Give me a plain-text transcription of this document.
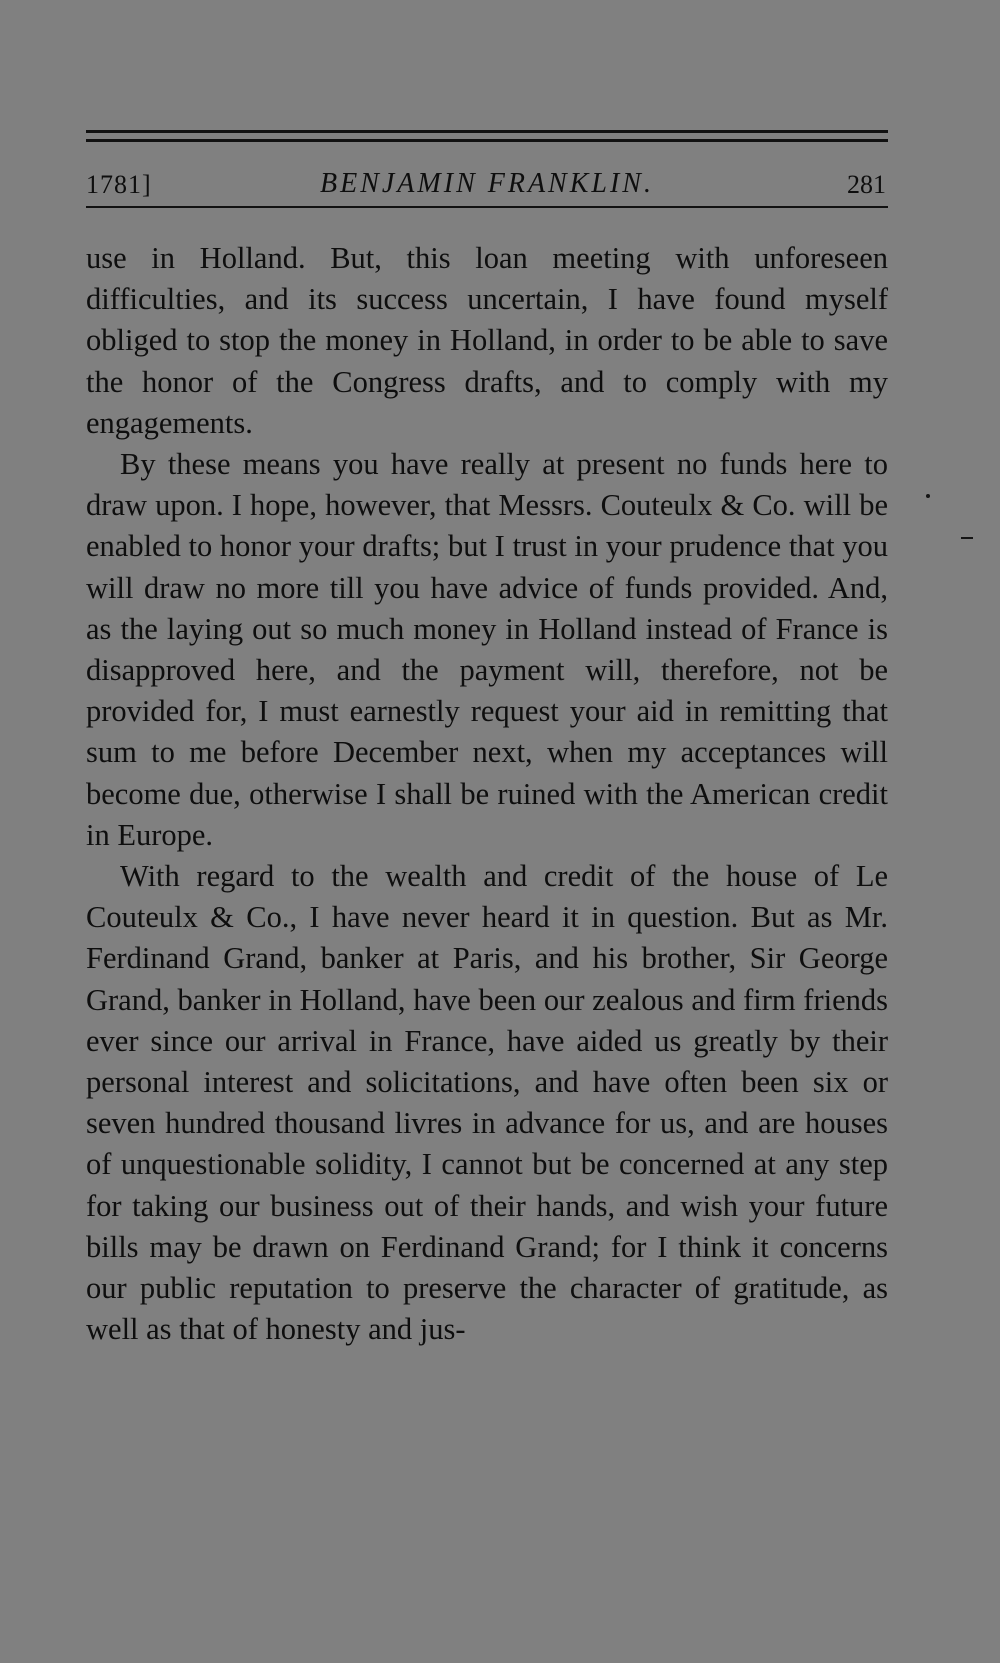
1781]	BENJAMIN FRANKLIN.	281

use in Holland. But, this loan meeting with unforeseen difficulties, and its success uncertain, I have found myself obliged to stop the money in Holland, in order to be able to save the honor of the Congress drafts, and to comply with my engagements.

By these means you have really at present no funds here to draw upon. I hope, however, that Messrs. Couteulx & Co. will be enabled to honor your drafts; but I trust in your prudence that you will draw no more till you have advice of funds provided. And, as the laying out so much money in Holland instead of France is disapproved here, and the payment will, therefore, not be provided for, I must earnestly request your aid in remitting that sum to me before December next, when my acceptances will become due, otherwise I shall be ruined with the American credit in Europe.

With regard to the wealth and credit of the house of Le Couteulx & Co., I have never heard it in question. But as Mr. Ferdinand Grand, banker at Paris, and his brother, Sir George Grand, banker in Holland, have been our zealous and firm friends ever since our arrival in France, have aided us greatly by their personal interest and solicitations, and have often been six or seven hundred thousand livres in advance for us, and are houses of unquestionable solidity, I cannot but be concerned at any step for taking our business out of their hands, and wish your future bills may be drawn on Ferdinand Grand; for I think it concerns our public reputation to preserve the character of gratitude, as well as that of honesty and jus-
